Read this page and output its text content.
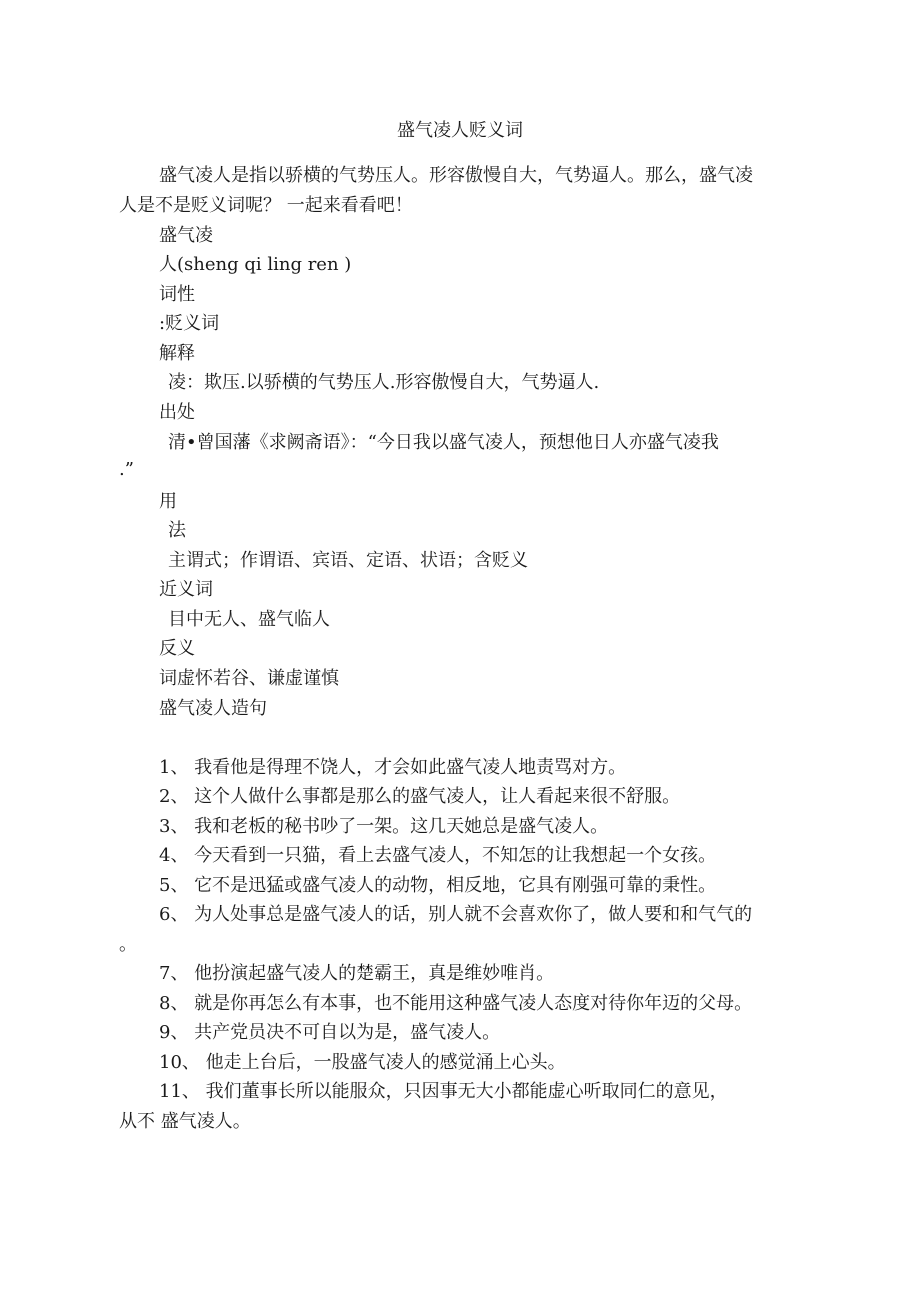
盛气凌人贬义词
盛气凌人是指以骄横的气势压人。形容傲慢自大，气势逼人。那么，盛气凌
人是不是贬义词呢？ 一起来看看吧！
盛气凌
人(sheng qi ling ren )
词性
:贬义词
解释
凌：欺压.以骄横的气势压人.形容傲慢自大，气势逼人.
出处
清•曾国藩《求阙斋语》：“今日我以盛气凌人，预想他日人亦盛气凌我
.”
用
法
主谓式；作谓语、宾语、定语、状语；含贬义
近义词
目中无人、盛气临人
反义
词虚怀若谷、谦虚谨慎
盛气凌人造句
1、 我看他是得理不饶人，才会如此盛气凌人地责骂对方。
2、 这个人做什么事都是那么的盛气凌人，让人看起来很不舒服。
3、 我和老板的秘书吵了一架。这几天她总是盛气凌人。
4、 今天看到一只猫，看上去盛气凌人，不知怎的让我想起一个女孩。
5、 它不是迅猛或盛气凌人的动物，相反地，它具有刚强可靠的秉性。
6、 为人处事总是盛气凌人的话，别人就不会喜欢你了，做人要和和气气的
。
7、 他扮演起盛气凌人的楚霸王，真是维妙唯肖。
8、 就是你再怎么有本事，也不能用这种盛气凌人态度对待你年迈的父母。
9、 共产党员决不可自以为是，盛气凌人。
10、 他走上台后，一股盛气凌人的感觉涌上心头。
11、 我们董事长所以能服众，只因事无大小都能虚心听取同仁的意见，
从不 盛气凌人。
